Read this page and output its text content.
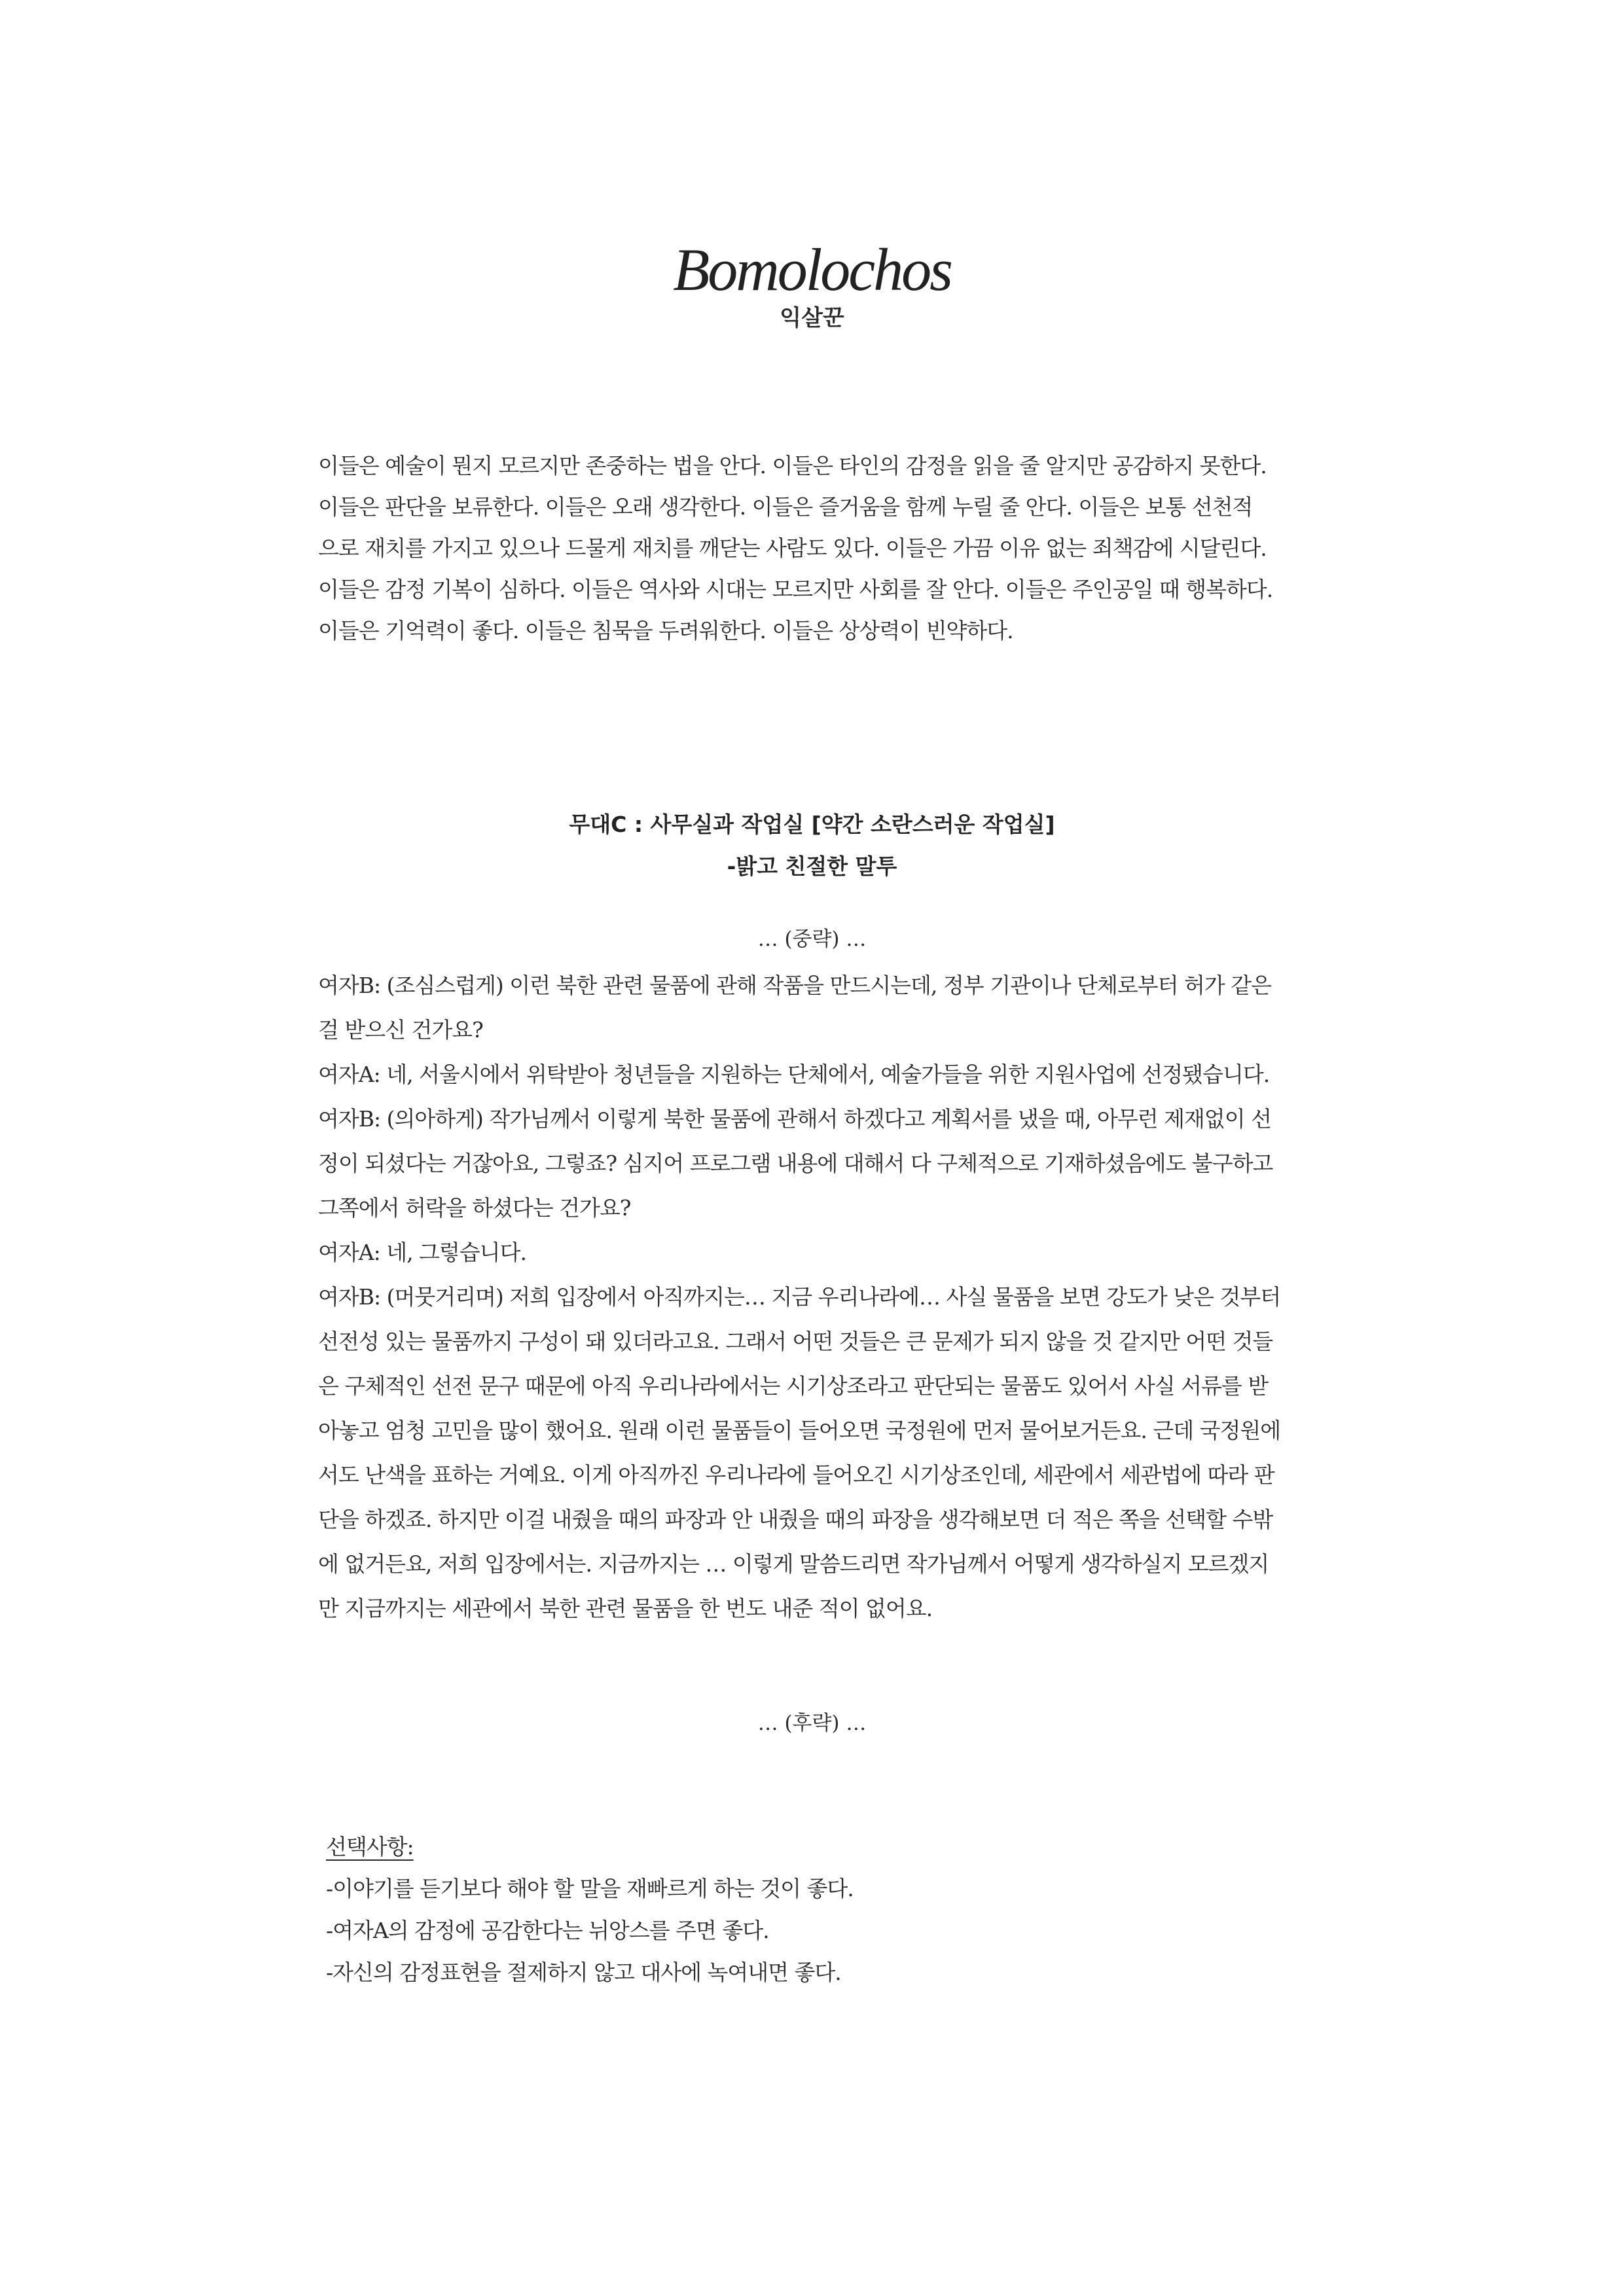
Bomolochos
익살꾼

이들은 예술이 뭔지 모르지만 존중하는 법을 안다. 이들은 타인의 감정을 읽을 줄 알지만 공감하지 못한다.

이들은 판단을 보류한다. 이들은 오래 생각한다. 이들은 즐거움을 함께 누릴 줄 안다. 이들은 보통 선천적

으로 재치를 가지고 있으나 드물게 재치를 깨닫는 사람도 있다. 이들은 가끔 이유 없는 죄책감에 시달린다.

이들은 감정 기복이 심하다. 이들은 역사와 시대는 모르지만 사회를 잘 안다. 이들은 주인공일 때 행복하다.

이들은 기억력이 좋다. 이들은 침묵을 두려워한다. 이들은 상상력이 빈약하다.

무대C : 사무실과 작업실 [약간 소란스러운 작업실]

-밝고 친절한 말투

… (중략) …

여자B: (조심스럽게) 이런 북한 관련 물품에 관해 작품을 만드시는데, 정부 기관이나 단체로부터 허가 같은

걸 받으신 건가요?

여자A: 네, 서울시에서 위탁받아 청년들을 지원하는 단체에서, 예술가들을 위한 지원사업에 선정됐습니다.

여자B: (의아하게) 작가님께서 이렇게 북한 물품에 관해서 하겠다고 계획서를 냈을 때, 아무런 제재없이 선

정이 되셨다는 거잖아요, 그렇죠? 심지어 프로그램 내용에 대해서 다 구체적으로 기재하셨음에도 불구하고

그쪽에서 허락을 하셨다는 건가요?

여자A: 네, 그렇습니다.

여자B: (머뭇거리며) 저희 입장에서 아직까지는… 지금 우리나라에… 사실 물품을 보면 강도가 낮은 것부터

선전성 있는 물품까지 구성이 돼 있더라고요. 그래서 어떤 것들은 큰 문제가 되지 않을 것 같지만 어떤 것들

은 구체적인 선전 문구 때문에 아직 우리나라에서는 시기상조라고 판단되는 물품도 있어서 사실 서류를 받

아놓고 엄청 고민을 많이 했어요. 원래 이런 물품들이 들어오면 국정원에 먼저 물어보거든요. 근데 국정원에

서도 난색을 표하는 거예요. 이게 아직까진 우리나라에 들어오긴 시기상조인데, 세관에서 세관법에 따라 판

단을 하겠죠. 하지만 이걸 내줬을 때의 파장과 안 내줬을 때의 파장을 생각해보면 더 적은 쪽을 선택할 수밖

에 없거든요, 저희 입장에서는. 지금까지는 … 이렇게 말씀드리면 작가님께서 어떻게 생각하실지 모르겠지

만 지금까지는 세관에서 북한 관련 물품을 한 번도 내준 적이 없어요.

… (후략) …

선택사항:

-이야기를 듣기보다 해야 할 말을 재빠르게 하는 것이 좋다.

-여자A의 감정에 공감한다는 뉘앙스를 주면 좋다.

-자신의 감정표현을 절제하지 않고 대사에 녹여내면 좋다.
